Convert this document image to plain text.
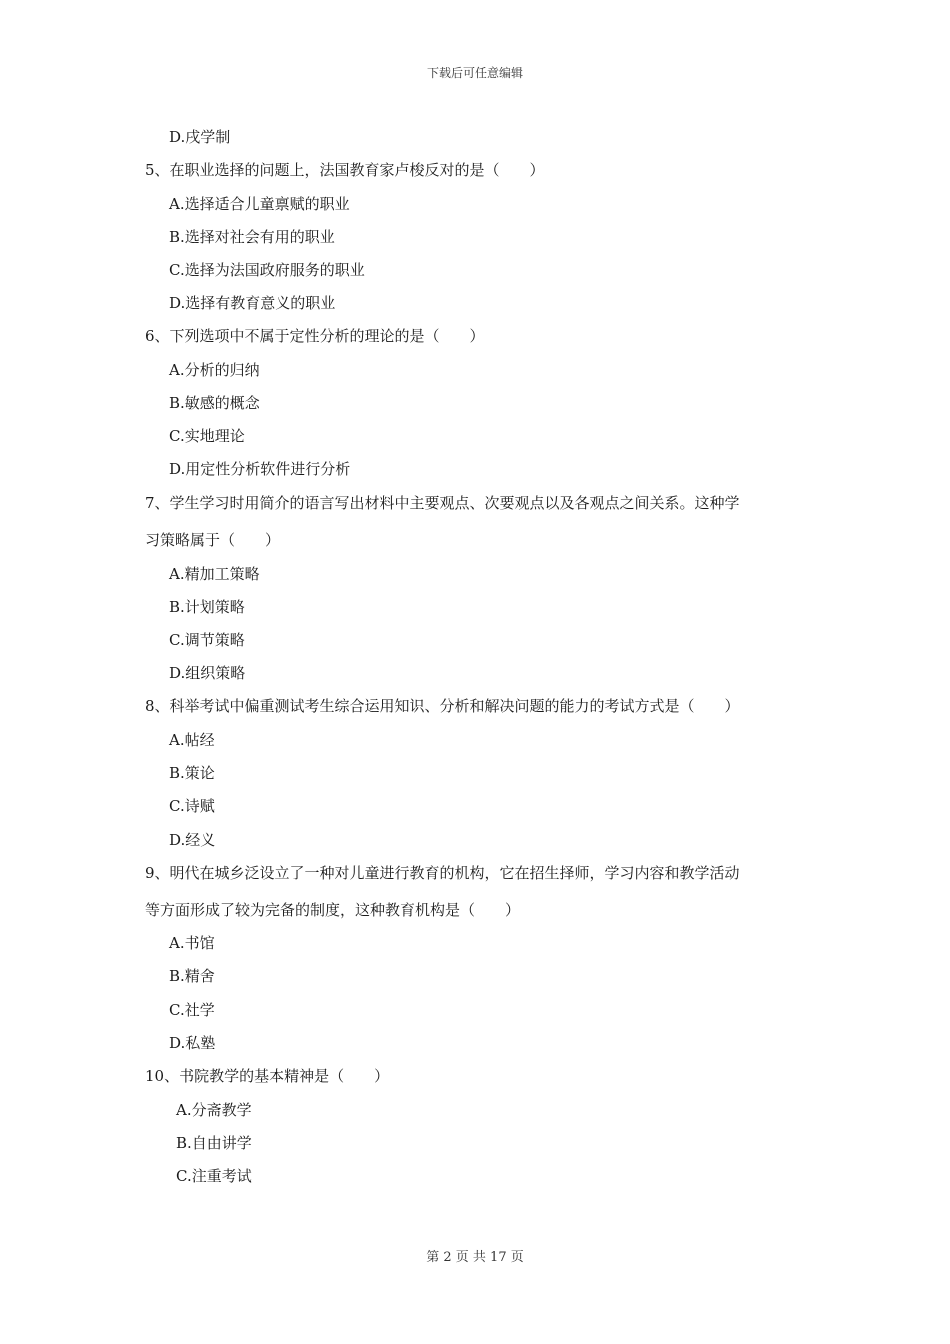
下载后可任意编辑
D.戌学制
5、在职业选择的问题上，法国教育家卢梭反对的是（　　）
A.选择适合儿童禀赋的职业
B.选择对社会有用的职业
C.选择为法国政府服务的职业
D.选择有教育意义的职业
6、下列选项中不属于定性分析的理论的是（　　）
A.分析的归纳
B.敏感的概念
C.实地理论
D.用定性分析软件进行分析
7、学生学习时用简介的语言写出材料中主要观点、次要观点以及各观点之间关系。这种学
习策略属于（　　）
A.精加工策略
B.计划策略
C.调节策略
D.组织策略
8、科举考试中偏重测试考生综合运用知识、分析和解决问题的能力的考试方式是（　　）
A.帖经
B.策论
C.诗赋
D.经义
9、明代在城乡泛设立了一种对儿童进行教育的机构，它在招生择师，学习内容和教学活动
等方面形成了较为完备的制度，这种教育机构是（　　）
A.书馆
B.精舍
C.社学
D.私塾
10、书院教学的基本精神是（　　）
A.分斋教学
B.自由讲学
C.注重考试
第 2 页 共 17 页
